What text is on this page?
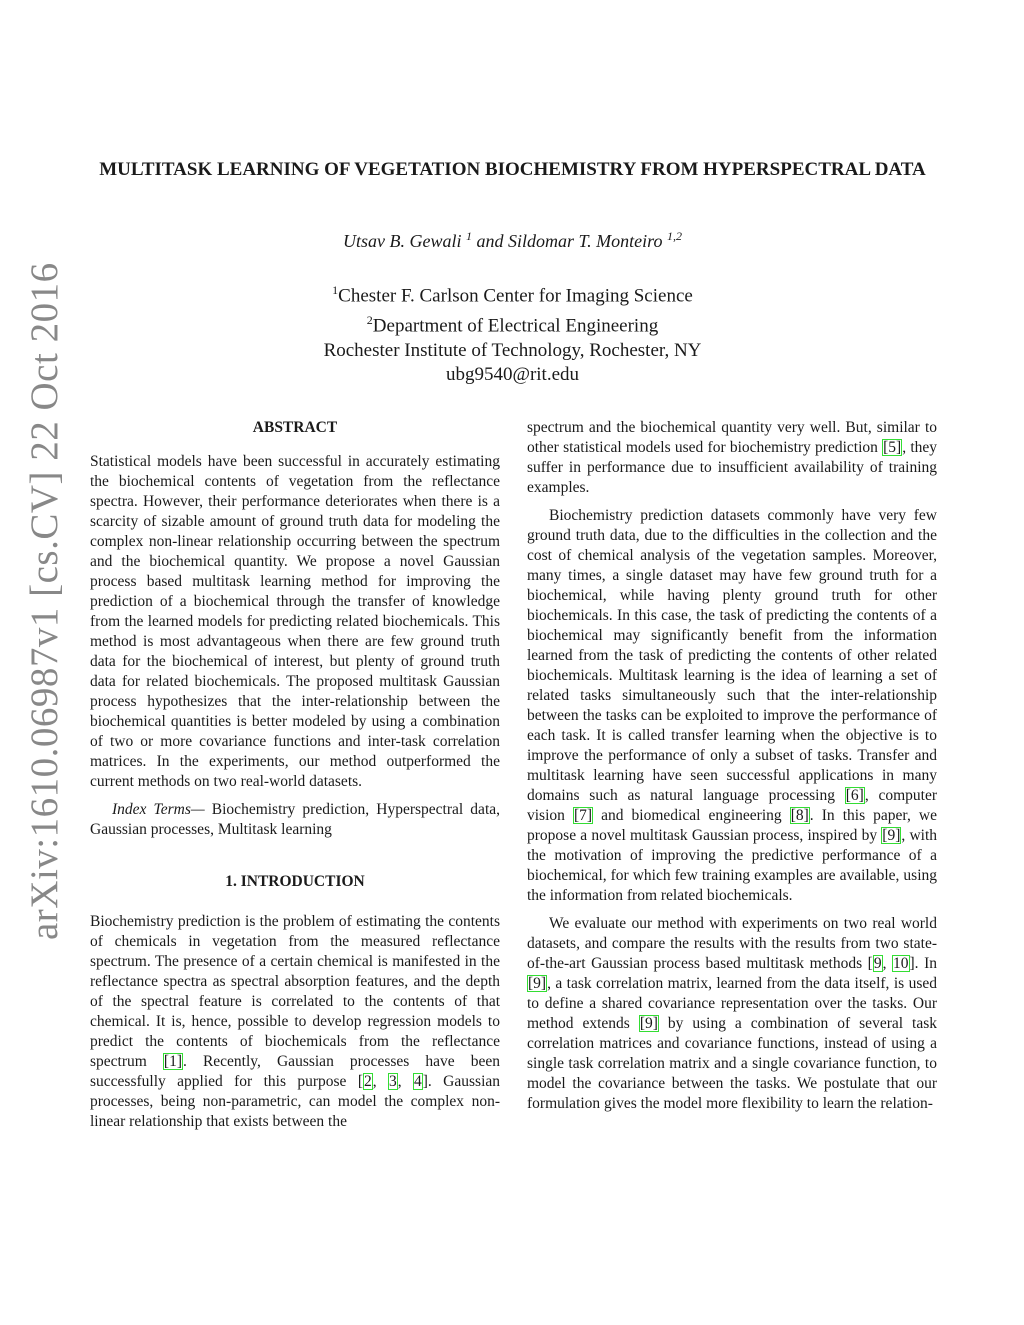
arXiv:1610.06987v1 [cs.CV] 22 Oct 2016
MULTITASK LEARNING OF VEGETATION BIOCHEMISTRY FROM HYPERSPECTRAL DATA
Utsav B. Gewali $^1$ and Sildomar T. Monteiro $^{1,2}$
$^1$Chester F. Carlson Center for Imaging Science
$^2$Department of Electrical Engineering
Rochester Institute of Technology, Rochester, NY
ubg9540@rit.edu
ABSTRACT

Statistical models have been successful in accurately estimating the biochemical contents of vegetation from the reflectance spectra. However, their performance deteriorates when there is a scarcity of sizable amount of ground truth data for modeling the complex non-linear relationship occurring between the spectrum and the biochemical quantity. We propose a novel Gaussian process based multitask learning method for improving the prediction of a biochemical through the transfer of knowledge from the learned models for predicting related biochemicals. This method is most advantageous when there are few ground truth data for the biochemical of interest, but plenty of ground truth data for related biochemicals. The proposed multitask Gaussian process hypothesizes that the inter-relationship between the biochemical quantities is better modeled by using a combination of two or more covariance functions and inter-task correlation matrices. In the experiments, our method outperformed the current methods on two real-world datasets.

Index Terms— Biochemistry prediction, Hyperspectral data, Gaussian processes, Multitask learning

1. INTRODUCTION

Biochemistry prediction is the problem of estimating the contents of chemicals in vegetation from the measured reflectance spectrum. The presence of a certain chemical is manifested in the reflectance spectra as spectral absorption features, and the depth of the spectral feature is correlated to the contents of that chemical. It is, hence, possible to develop regression models to predict the contents of biochemicals from the reflectance spectrum [1]. Recently, Gaussian processes have been successfully applied for this purpose [2, 3, 4]. Gaussian processes, being non-parametric, can model the complex non-linear relationship that exists between the

spectrum and the biochemical quantity very well. But, similar to other statistical models used for biochemistry prediction [5], they suffer in performance due to insufficient availability of training examples.

Biochemistry prediction datasets commonly have very few ground truth data, due to the difficulties in the collection and the cost of chemical analysis of the vegetation samples. Moreover, many times, a single dataset may have few ground truth for a biochemical, while having plenty ground truth for other biochemicals. In this case, the task of predicting the contents of a biochemical may significantly benefit from the information learned from the task of predicting the contents of other related biochemicals. Multitask learning is the idea of learning a set of related tasks simultaneously such that the inter-relationship between the tasks can be exploited to improve the performance of each task. It is called transfer learning when the objective is to improve the performance of only a subset of tasks. Transfer and multitask learning have seen successful applications in many domains such as natural language processing [6], computer vision [7] and biomedical engineering [8]. In this paper, we propose a novel multitask Gaussian process, inspired by [9], with the motivation of improving the predictive performance of a biochemical, for which few training examples are available, using the information from related biochemicals.

We evaluate our method with experiments on two real world datasets, and compare the results with the results from two state-of-the-art Gaussian process based multitask methods [9, 10]. In [9], a task correlation matrix, learned from the data itself, is used to define a shared covariance representation over the tasks. Our method extends [9] by using a combination of several task correlation matrices and covariance functions, instead of using a single task correlation matrix and a single covariance function, to model the covariance between the tasks. We postulate that our formulation gives the model more flexibility to learn the relation-
